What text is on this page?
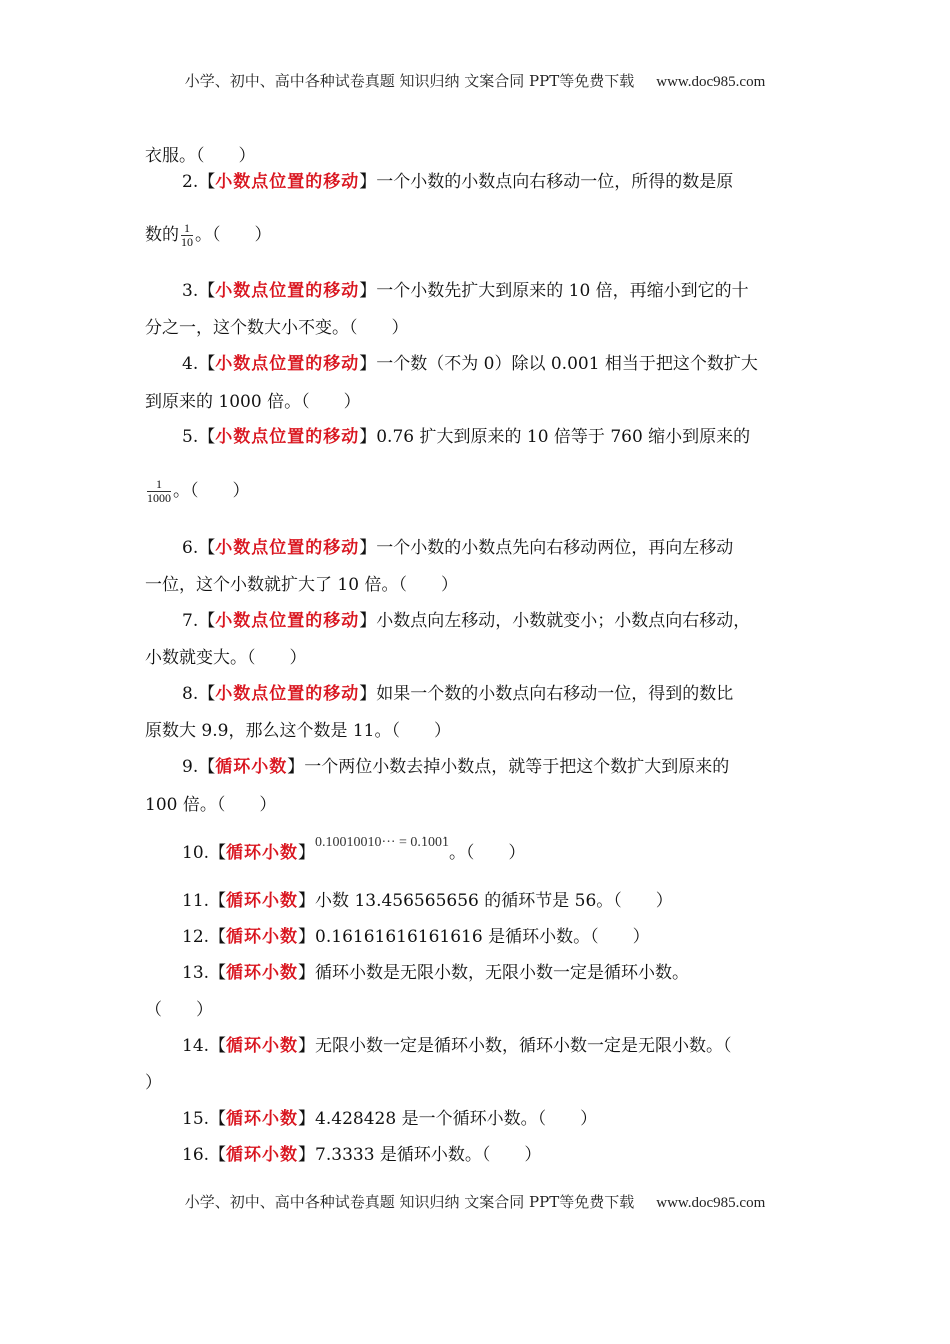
小学、初中、高中各种试卷真题 知识归纳 文案合同 PPT等免费下载 www.doc985.com
衣服。（　　）
2.【小数点位置的移动】一个小数的小数点向右移动一位，所得的数是原
数的 $\frac{1}{10}$ 。（　　）
3.【小数点位置的移动】一个小数先扩大到原来的 10 倍，再缩小到它的十
分之一，这个数大小不变。（　　）
4.【小数点位置的移动】一个数（不为 0）除以 0.001 相当于把这个数扩大
到原来的 1000 倍。（　　）
5.【小数点位置的移动】0.76 扩大到原来的 10 倍等于 760 缩小到原来的
$\frac{1}{1000}$ 。（　　）
6.【小数点位置的移动】一个小数的小数点先向右移动两位，再向左移动
一位，这个小数就扩大了 10 倍。（　　）
7.【小数点位置的移动】小数点向左移动，小数就变小；小数点向右移动，
小数就变大。（　　）
8.【小数点位置的移动】如果一个数的小数点向右移动一位，得到的数比
原数大 9.9，那么这个数是 11。（　　）
9.【循环小数】一个两位小数去掉小数点，就等于把这个数扩大到原来的
100 倍。（　　）
10.【循环小数】$^{0.10010010\cdot\cdot\cdot = 0.\cdot 100\cdot 1}$。（　　）
11.【循环小数】小数 13.456565656 的循环节是 56。（　　）
12.【循环小数】0.16161616161616 是循环小数。（　　）
13.【循环小数】循环小数是无限小数，无限小数一定是循环小数。
（　　）
14.【循环小数】无限小数一定是循环小数，循环小数一定是无限小数。（
）
15.【循环小数】4.428428 是一个循环小数。（　　）
16.【循环小数】7.3333 是循环小数。（　　）
小学、初中、高中各种试卷真题 知识归纳 文案合同 PPT等免费下载 www.doc985.com
